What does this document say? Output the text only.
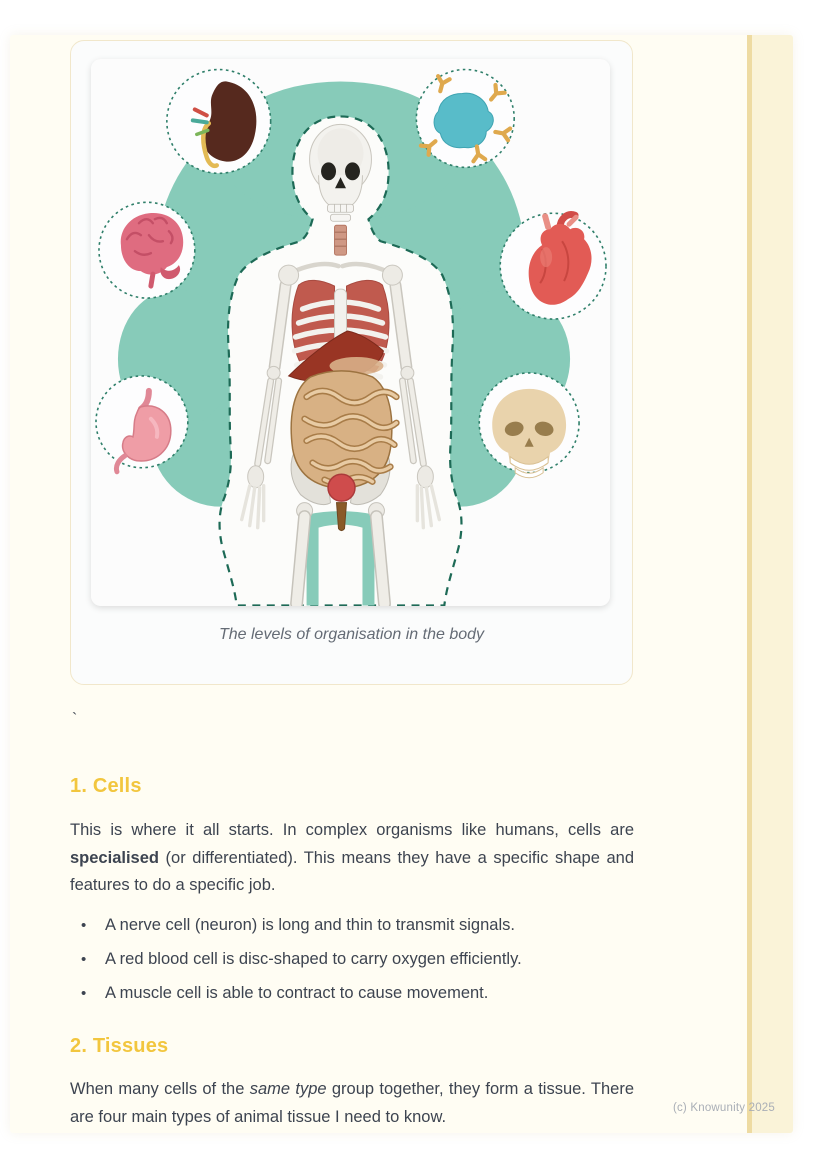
The levels of organisation in the body
`
1. Cells

This is where it all starts. In complex organisms like humans, cells are specialised (or differentiated). This means they have a specific shape and features to do a specific job.

•	A nerve cell (neuron) is long and thin to transmit signals.
•	A red blood cell is disc-shaped to carry oxygen efficiently.
•	A muscle cell is able to contract to cause movement.
2. Tissues

When many cells of the same type group together, they form a tissue. There are four main types of animal tissue I need to know.	(c) Knowunity 2025
